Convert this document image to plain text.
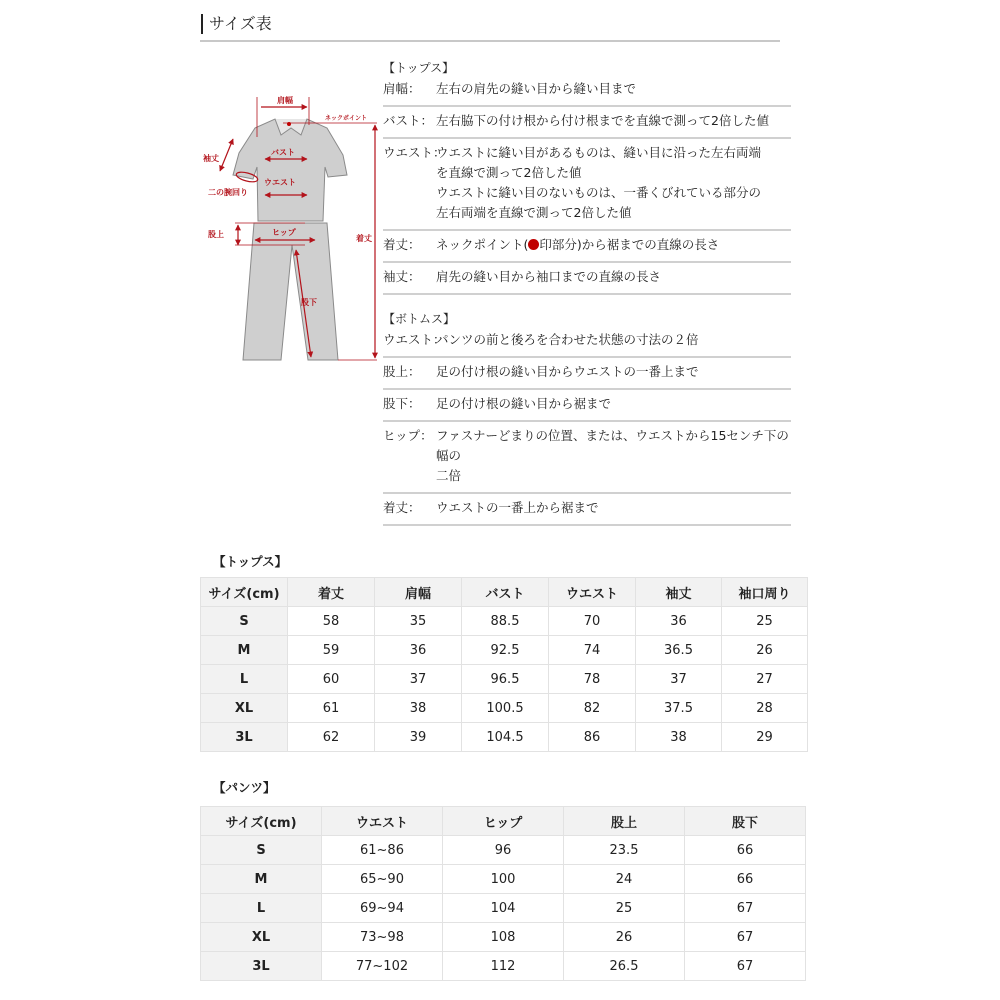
サイズ表
肩幅
ネックポイント
袖丈
バスト
ウエスト
二の腕回り
股上	ヒップ
着丈
股下
【トップス】
肩幅：	左右の肩先の縫い目から縫い目まで
バスト： 左右脇下の付け根から付け根までを直線で測って2倍した値
ウエスト：
ウエストに縫い目があるものは、縫い目に沿った左右両端
を直線で測って2倍した値
ウエストに縫い目のないものは、一番くびれている部分の
左右両端を直線で測って2倍した値
着丈：	ネックポイント( 印部分)から裾までの直線の長さ
袖丈：	肩先の縫い目から袖口までの直線の長さ
【ボトムス】
ウエスト：
パンツの前と後ろを合わせた状態の寸法の２倍
股上：	足の付け根の縫い目からウエストの一番上まで
股下：	足の付け根の縫い目から裾まで
ヒップ： ファスナーどまりの位置、または、ウエストから15センチ下の幅の
二倍
着丈：	ウエストの一番上から裾まで
【トップス】
サイズ(cm)	着丈	肩幅	バスト	ウエスト	袖丈	袖口周り
S	58	35	88.5	70	36	25
M	59	36	92.5	74	36.5	26
L	60	37	96.5	78	37	27
XL	61	38	100.5	82	37.5	28
3L	62	39	104.5	86	38	29
【パンツ】
サイズ(cm)	ウエスト	ヒップ	股上	股下
S	61~86	96	23.5	66
M	65~90	100	24	66
L	69~94	104	25	67
XL	73~98	108	26	67
3L	77~102	112	26.5	67
